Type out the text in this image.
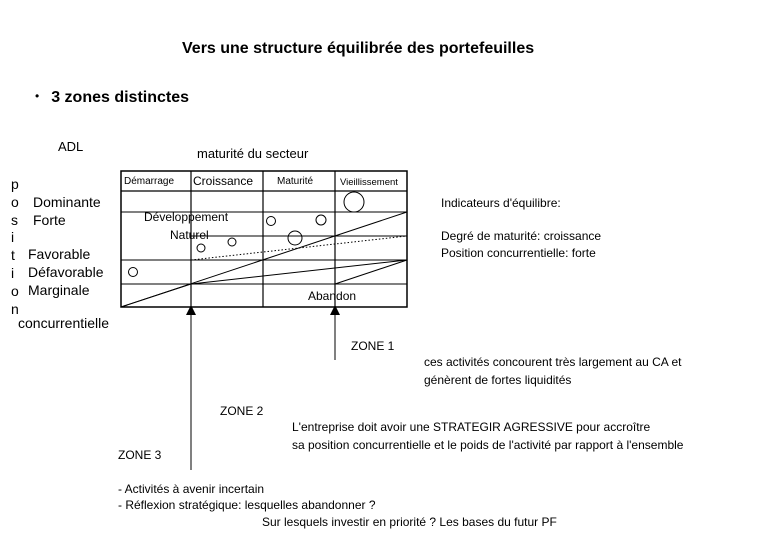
Vers une structure équilibrée des portefeuilles
• 3 zones distinctes
ADL	maturité du secteur
p
o
s
i
t
i
o
n
Dominante
Forte
Favorable
Défavorable
Marginale
concurrentielle
Démarrage Croissance Maturité	Vieillissement
Développement
Naturel
Abandon
Indicateurs d'équilibre:
Degré de maturité: croissance
Position concurrentielle: forte
ZONE 1
ces activités concourent très largement au CA et
génèrent de fortes liquidités
ZONE 2
L'entreprise doit avoir une STRATEGIR AGRESSIVE pour accroître
sa position concurrentielle et le poids de l'activité par rapport à l'ensemble
ZONE 3
- Activités à avenir incertain
- Réflexion stratégique: lesquelles abandonner ?
Sur lesquels investir en priorité ? Les bases du futur PF
